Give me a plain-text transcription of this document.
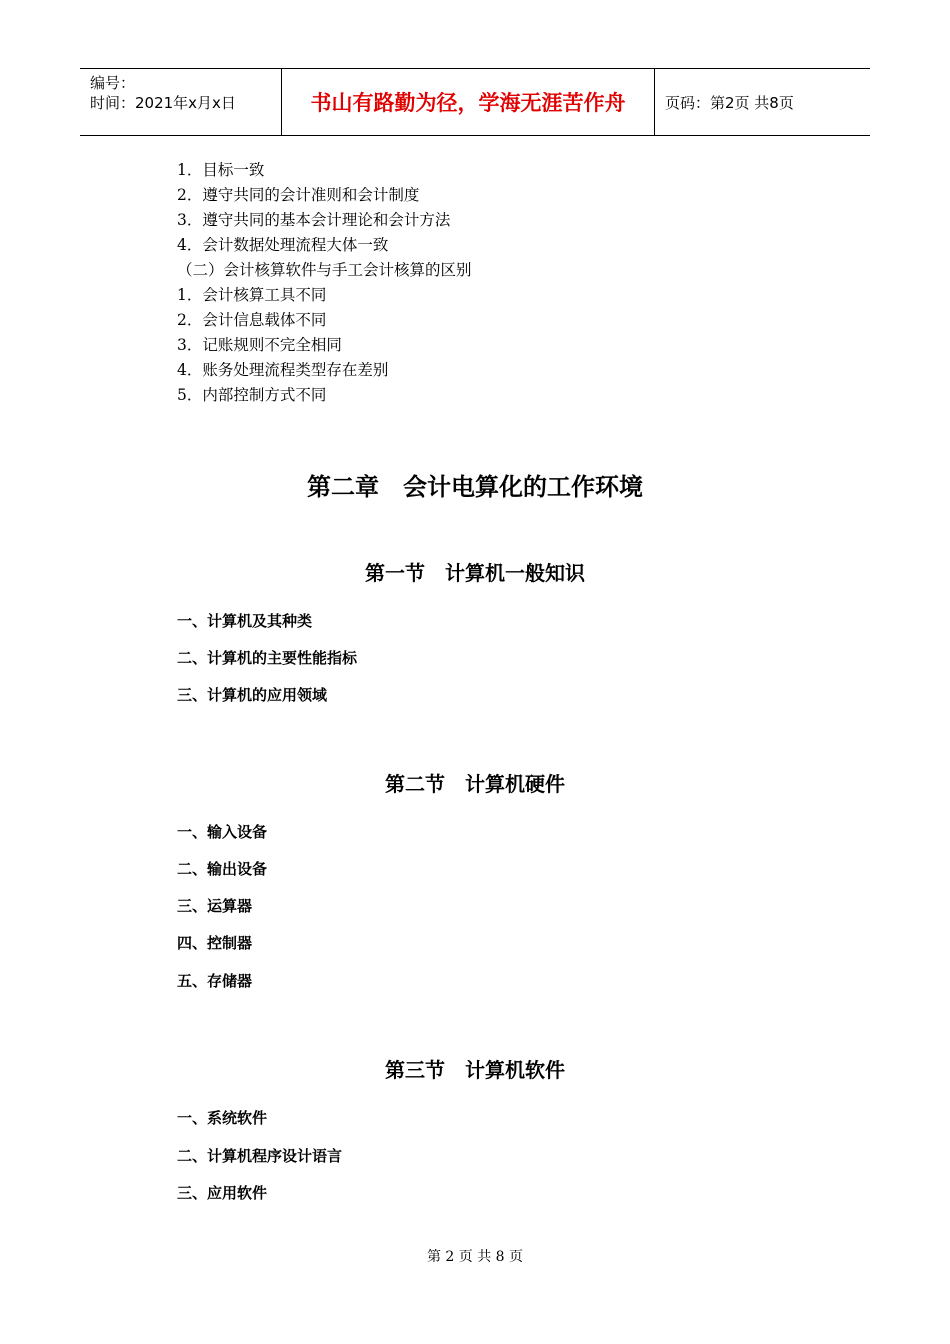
编号：
时间：2021年x月x日	书山有路勤为径，学海无涯苦作舟	页码：第2页 共8页
1．目标一致
2．遵守共同的会计准则和会计制度
3．遵守共同的基本会计理论和会计方法
4．会计数据处理流程大体一致
（二）会计核算软件与手工会计核算的区别
1．会计核算工具不同
2．会计信息载体不同
3．记账规则不完全相同
4．账务处理流程类型存在差别
5．内部控制方式不同
第二章　会计电算化的工作环境
第一节　计算机一般知识
一、计算机及其种类
二、计算机的主要性能指标
三、计算机的应用领域
第二节　计算机硬件
一、输入设备
二、输出设备
三、运算器
四、控制器
五、存储器
第三节　计算机软件
一、系统软件
二、计算机程序设计语言
三、应用软件
第 2 页 共 8 页
